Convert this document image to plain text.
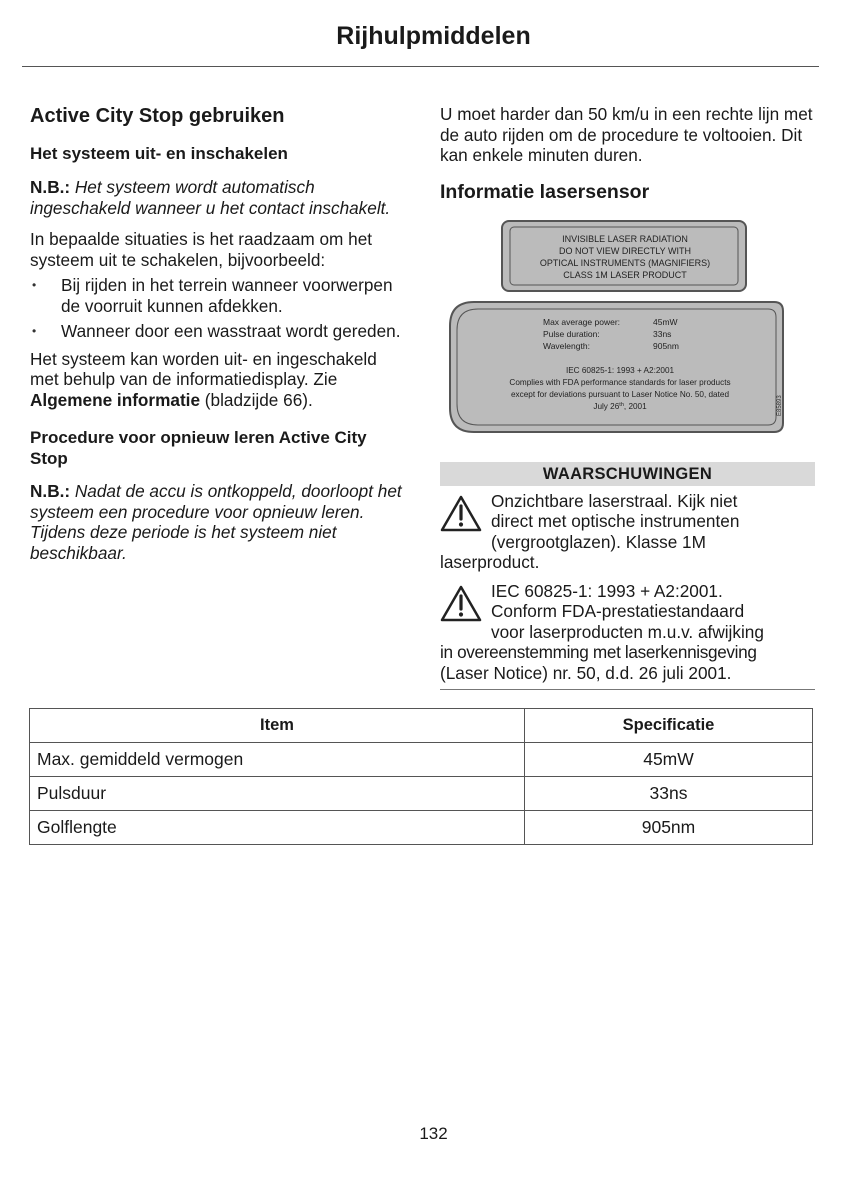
Rijhulpmiddelen
Active City Stop gebruiken
Het systeem uit- en inschakelen

N.B.: Het systeem wordt automatisch ingeschakeld wanneer u het contact inschakelt.

In bepaalde situaties is het raadzaam om het systeem uit te schakelen, bijvoorbeeld:

• Bij rijden in het terrein wanneer voorwerpen de voorruit kunnen afdekken.
• Wanneer door een wasstraat wordt gereden.

Het systeem kan worden uit- en ingeschakeld met behulp van de informatiedisplay. Zie Algemene informatie (bladzijde 66).

Procedure voor opnieuw leren Active City Stop

N.B.: Nadat de accu is ontkoppeld, doorloopt het systeem een procedure voor opnieuw leren. Tijdens deze periode is het systeem niet beschikbaar.

U moet harder dan 50 km/u in een rechte lijn met de auto rijden om de procedure te voltooien. Dit kan enkele minuten duren.

Informatie lasersensor
INVISIBLE LASER RADIATION
DO NOT VIEW DIRECTLY WITH
OPTICAL INSTRUMENTS (MAGNIFIERS)
CLASS 1M LASER PRODUCT
Max average power:	45mW
Pulse duration:	33ns
Wavelength:	905nm
IEC 60825-1: 1993 + A2:2001
Complies with FDA performance standards for laser products
except for deviations pursuant to Laser Notice No. 50, dated
July 26th, 2001	E85893
WAARSCHUWINGEN
Onzichtbare laserstraal. Kijk niet
direct met optische instrumenten
(vergrootglazen). Klasse 1M
laserproduct.
IEC 60825-1: 1993 + A2:2001.
Conform FDA-prestatiestandaard
voor laserproducten m.u.v. afwijking
in overeenstemming met laserkennisgeving
(Laser Notice) nr. 50, d.d. 26 juli 2001.
Item	Specificatie
Max. gemiddeld vermogen	45mW
Pulsduur	33ns
Golflengte	905nm
132
